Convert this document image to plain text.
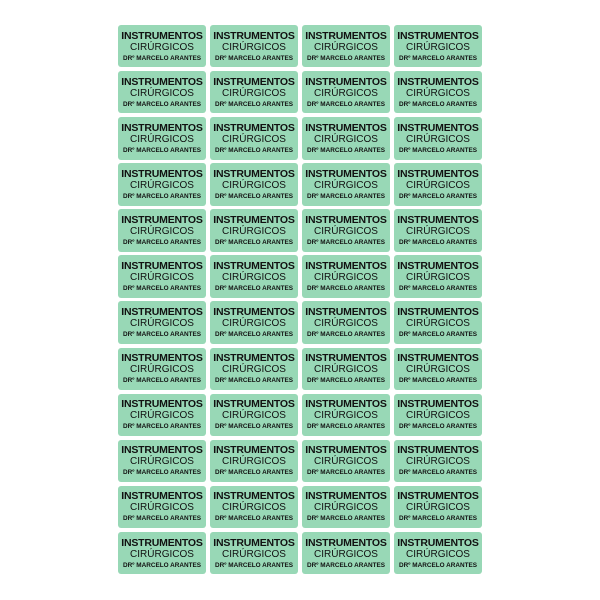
INSTRUMENTOS
CIRÚRGICOS
DRº MARCELO ARANTES
INSTRUMENTOS
CIRÚRGICOS
DRº MARCELO ARANTES
INSTRUMENTOS
CIRÚRGICOS
DRº MARCELO ARANTES
INSTRUMENTOS
CIRÚRGICOS
DRº MARCELO ARANTES
INSTRUMENTOS
CIRÚRGICOS
DRº MARCELO ARANTES
INSTRUMENTOS
CIRÚRGICOS
DRº MARCELO ARANTES
INSTRUMENTOS
CIRÚRGICOS
DRº MARCELO ARANTES
INSTRUMENTOS
CIRÚRGICOS
DRº MARCELO ARANTES
INSTRUMENTOS
CIRÚRGICOS
DRº MARCELO ARANTES
INSTRUMENTOS
CIRÚRGICOS
DRº MARCELO ARANTES
INSTRUMENTOS
CIRÚRGICOS
DRº MARCELO ARANTES
INSTRUMENTOS
CIRÚRGICOS
DRº MARCELO ARANTES
INSTRUMENTOS
CIRÚRGICOS
DRº MARCELO ARANTES
INSTRUMENTOS
CIRÚRGICOS
DRº MARCELO ARANTES
INSTRUMENTOS
CIRÚRGICOS
DRº MARCELO ARANTES
INSTRUMENTOS
CIRÚRGICOS
DRº MARCELO ARANTES
INSTRUMENTOS
CIRÚRGICOS
DRº MARCELO ARANTES
INSTRUMENTOS
CIRÚRGICOS
DRº MARCELO ARANTES
INSTRUMENTOS
CIRÚRGICOS
DRº MARCELO ARANTES
INSTRUMENTOS
CIRÚRGICOS
DRº MARCELO ARANTES
INSTRUMENTOS
CIRÚRGICOS
DRº MARCELO ARANTES
INSTRUMENTOS
CIRÚRGICOS
DRº MARCELO ARANTES
INSTRUMENTOS
CIRÚRGICOS
DRº MARCELO ARANTES
INSTRUMENTOS
CIRÚRGICOS
DRº MARCELO ARANTES
INSTRUMENTOS
CIRÚRGICOS
DRº MARCELO ARANTES
INSTRUMENTOS
CIRÚRGICOS
DRº MARCELO ARANTES
INSTRUMENTOS
CIRÚRGICOS
DRº MARCELO ARANTES
INSTRUMENTOS
CIRÚRGICOS
DRº MARCELO ARANTES
INSTRUMENTOS
CIRÚRGICOS
DRº MARCELO ARANTES
INSTRUMENTOS
CIRÚRGICOS
DRº MARCELO ARANTES
INSTRUMENTOS
CIRÚRGICOS
DRº MARCELO ARANTES
INSTRUMENTOS
CIRÚRGICOS
DRº MARCELO ARANTES
INSTRUMENTOS
CIRÚRGICOS
DRº MARCELO ARANTES
INSTRUMENTOS
CIRÚRGICOS
DRº MARCELO ARANTES
INSTRUMENTOS
CIRÚRGICOS
DRº MARCELO ARANTES
INSTRUMENTOS
CIRÚRGICOS
DRº MARCELO ARANTES
INSTRUMENTOS
CIRÚRGICOS
DRº MARCELO ARANTES
INSTRUMENTOS
CIRÚRGICOS
DRº MARCELO ARANTES
INSTRUMENTOS
CIRÚRGICOS
DRº MARCELO ARANTES
INSTRUMENTOS
CIRÚRGICOS
DRº MARCELO ARANTES
INSTRUMENTOS
CIRÚRGICOS
DRº MARCELO ARANTES
INSTRUMENTOS
CIRÚRGICOS
DRº MARCELO ARANTES
INSTRUMENTOS
CIRÚRGICOS
DRº MARCELO ARANTES
INSTRUMENTOS
CIRÚRGICOS
DRº MARCELO ARANTES
INSTRUMENTOS
CIRÚRGICOS
DRº MARCELO ARANTES
INSTRUMENTOS
CIRÚRGICOS
DRº MARCELO ARANTES
INSTRUMENTOS
CIRÚRGICOS
DRº MARCELO ARANTES
INSTRUMENTOS
CIRÚRGICOS
DRº MARCELO ARANTES
